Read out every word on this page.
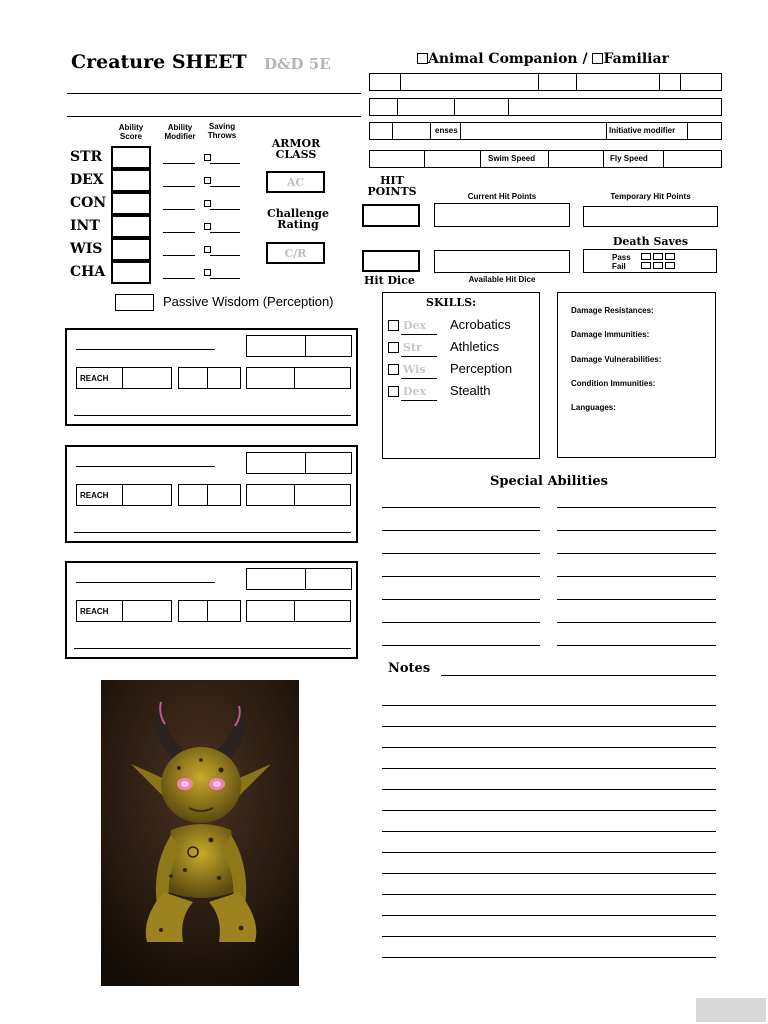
Creature SHEET D&D 5E	Animal Companion / Familiar
enses	Initiative modifier
Swim Speed	Fly Speed
Ability Score
Ability Modifier
Saving Throws
STR
DEX
CON
INT
WIS
CHA
ARMOR CLASS
AC
Challenge Rating
C/R
Passive Wisdom (Perception)
HIT POINTS	Current Hit Points	Temporary Hit Points
Hit Dice	Available Hit Dice
Death Saves
Pass
Fail
REACH
REACH
REACH
SKILLS:
Dex Acrobatics
Str Athletics
Wis Perception
Dex Stealth
Damage Resistances:
Damage Immunities:
Damage Vulnerabilities:
Condition Immunities:
Languages:
Special Abilities
Notes
